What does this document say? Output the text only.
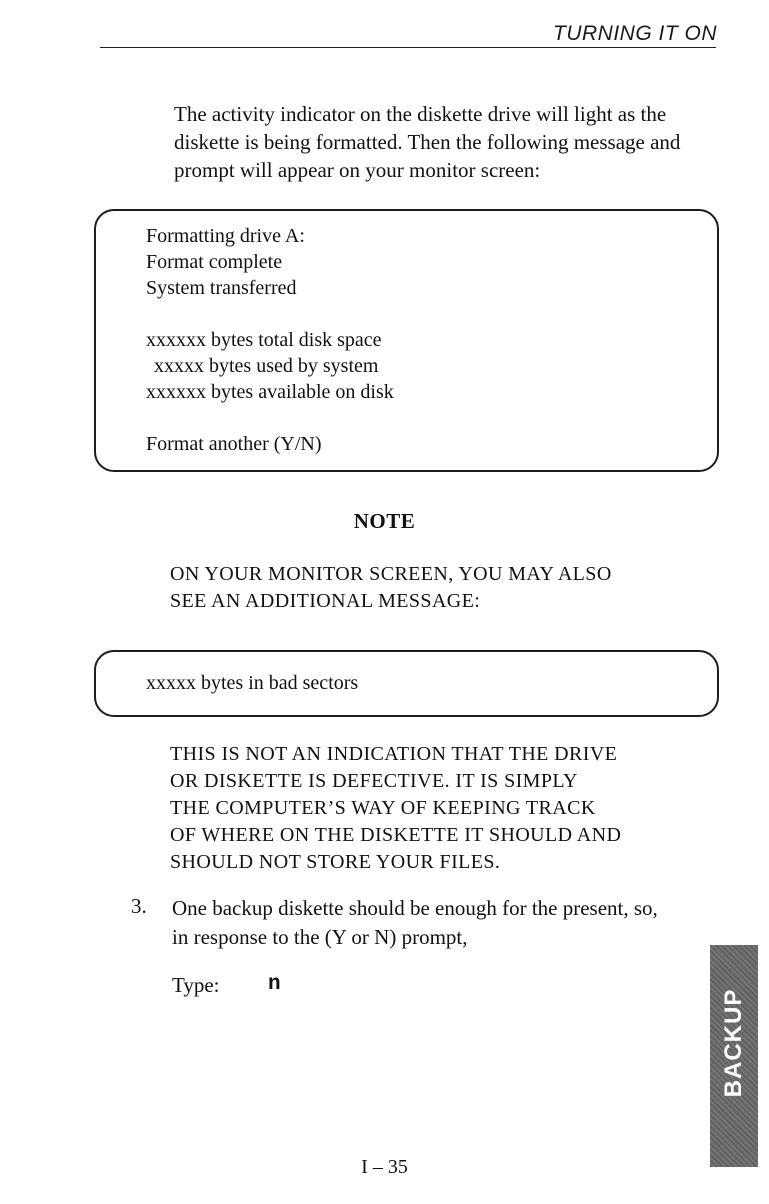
TURNING IT ON
The activity indicator on the diskette drive will light as the
diskette is being formatted. Then the following message and
prompt will appear on your monitor screen:
Formatting drive A:
Format complete
System transferred
xxxxxx bytes total disk space
xxxxx bytes used by system
xxxxxx bytes available on disk
Format another (Y/N)
NOTE
ON YOUR MONITOR SCREEN, YOU MAY ALSO
SEE AN ADDITIONAL MESSAGE:
xxxxx bytes in bad sectors
THIS IS NOT AN INDICATION THAT THE DRIVE
OR DISKETTE IS DEFECTIVE. IT IS SIMPLY
THE COMPUTER’S WAY OF KEEPING TRACK
OF WHERE ON THE DISKETTE IT SHOULD AND
SHOULD NOT STORE YOUR FILES.
3. One backup diskette should be enough for the present, so,
in response to the (Y or N) prompt,
Type: n
BACKUP
I – 35
